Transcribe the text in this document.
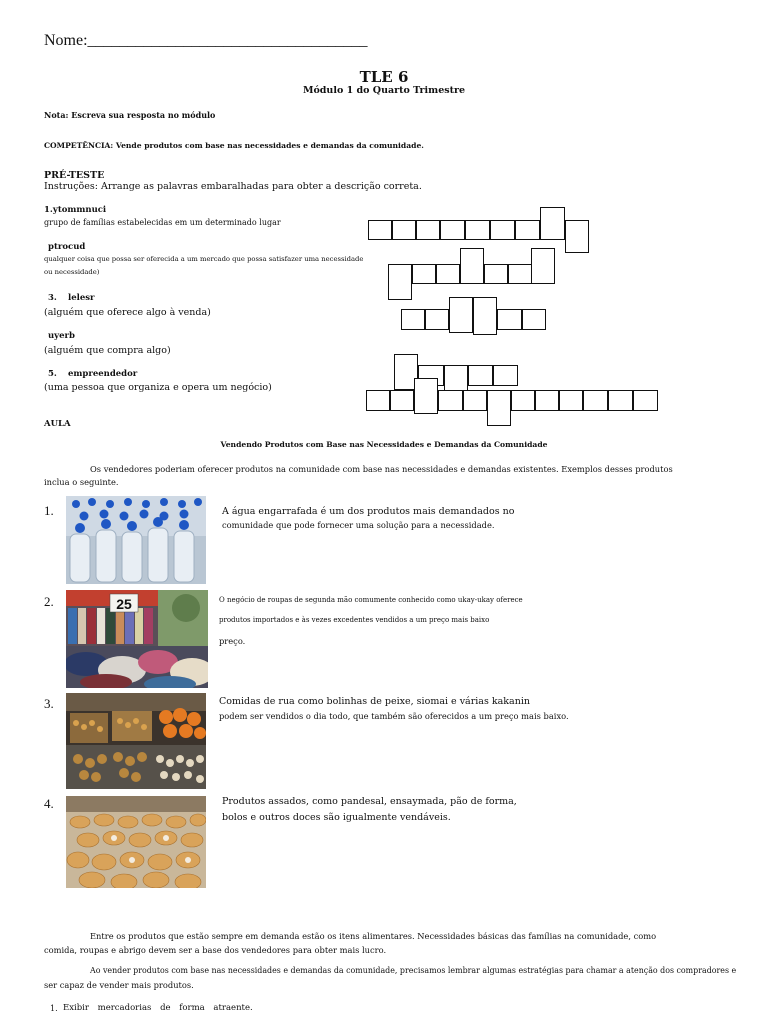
Nome:___________________________________
TLE 6
Módulo 1 do Quarto Trimestre
Nota: Escreva sua resposta no módulo
COMPETÊNCIA: Vende produtos com base nas necessidades e demandas da comunidade.
PRÉ-TESTE
Instruções: Arrange as palavras embaralhadas para obter a descrição correta.
1.ytommnuci
grupo de famílias estabelecidas em um determinado lugar
ptrocud
qualquer coisa que possa ser oferecida a um mercado que possa satisfazer uma necessidade
ou necessidade)
3. lelesr
(alguém que oferece algo à venda)
uyerb
(alguém que compra algo)
5. empreendedor
(uma pessoa que organiza e opera um negócio)
AULA
Vendendo Produtos com Base nas Necessidades e Demandas da Comunidade
Os vendedores poderiam oferecer produtos na comunidade com base nas necessidades e demandas existentes. Exemplos desses produtos
inclua o seguinte.
1.	A água engarrafada é um dos produtos mais demandados no
comunidade que pode fornecer uma solução para a necessidade.
2.	25	O negócio de roupas de segunda mão comumente conhecido como ukay-ukay oferece
produtos importados e às vezes excedentes vendidos a um preço mais baixo
preço.
3.	Comidas de rua como bolinhas de peixe, siomai e várias kakanin
podem ser vendidos o dia todo, que também são oferecidos a um preço mais baixo.
4.	Produtos assados, como pandesal, ensaymada, pão de forma,
bolos e outros doces são igualmente vendáveis.
Entre os produtos que estão sempre em demanda estão os itens alimentares. Necessidades básicas das famílias na comunidade, como
comida, roupas e abrigo devem ser a base dos vendedores para obter mais lucro.
Ao vender produtos com base nas necessidades e demandas da comunidade, precisamos lembrar algumas estratégias para chamar a atenção dos compradores e
ser capaz de vender mais produtos.
1. Exibir mercadorias de forma atraente.
